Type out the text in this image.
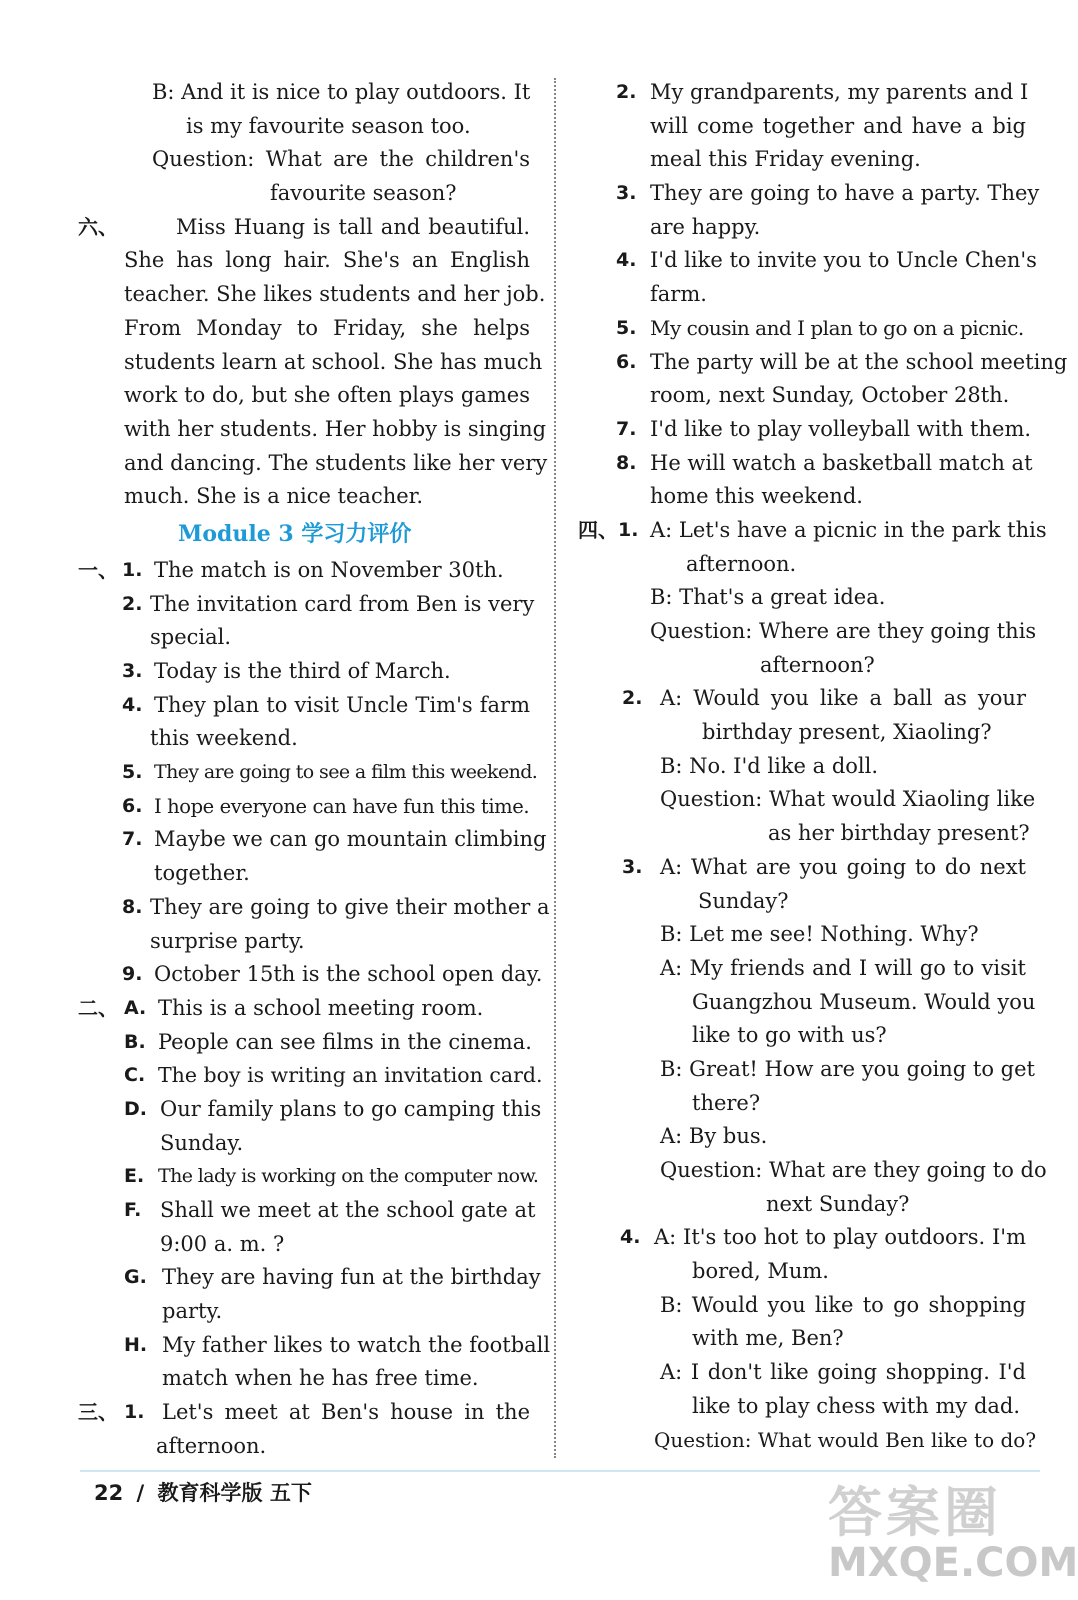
B: And it is nice to play outdoors. It
is my favourite season too.
Question: What are the children's
favourite season?
六、	Miss Huang is tall and beautiful.
She has long hair. She's an English
teacher. She likes students and her job.
From Monday to Friday, she helps
students learn at school. She has much
work to do, but she often plays games
with her students. Her hobby is singing
and dancing. The students like her very
much. She is a nice teacher.
Module 3 学习力评价
一、 1. The match is on November 30th.
2. The invitation card from Ben is very
special.
3. Today is the third of March.
4. They plan to visit Uncle Tim's farm
this weekend.
5. They are going to see a film this weekend.
6. I hope everyone can have fun this time.
7. Maybe we can go mountain climbing
together.
8. They are going to give their mother a
surprise party.
9. October 15th is the school open day.
二、 A. This is a school meeting room.
B. People can see films in the cinema.
C. The boy is writing an invitation card.
D. Our family plans to go camping this
Sunday.
E. The lady is working on the computer now.
F. Shall we meet at the school gate at
9:00 a. m. ?
G. They are having fun at the birthday
party.
H. My father likes to watch the football
match when he has free time.
三、 1. Let's meet at Ben's house in the
afternoon.
2. My grandparents, my parents and I
will come together and have a big
meal this Friday evening.
3. They are going to have a party. They
are happy.
4. I'd like to invite you to Uncle Chen's
farm.
5. My cousin and I plan to go on a picnic.
6. The party will be at the school meeting
room, next Sunday, October 28th.
7. I'd like to play volleyball with them.
8. He will watch a basketball match at
home this weekend.
四、 1. A: Let's have a picnic in the park this
afternoon.
B: That's a great idea.
Question: Where are they going this
afternoon?
2. A: Would you like a ball as your
birthday present, Xiaoling?
B: No. I'd like a doll.
Question: What would Xiaoling like
as her birthday present?
3. A: What are you going to do next
Sunday?
B: Let me see! Nothing. Why?
A: My friends and I will go to visit
Guangzhou Museum. Would you
like to go with us?
B: Great! How are you going to get
there?
A: By bus.
Question: What are they going to do
next Sunday?
4. A: It's too hot to play outdoors. I'm
bored, Mum.
B: Would you like to go shopping
with me, Ben?
A: I don't like going shopping. I'd
like to play chess with my dad.
Question: What would Ben like to do?
22 / 教育科学版 五下	答案圈
MXQE.COM
